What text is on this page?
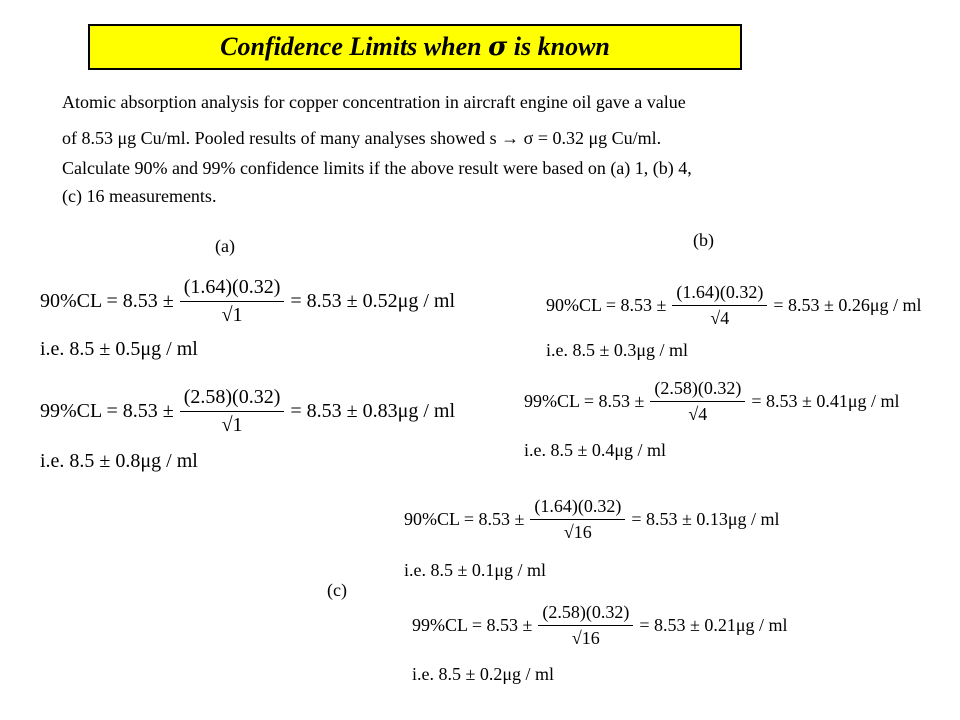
Confidence Limits when σ is known
Atomic absorption analysis for copper concentration in aircraft engine oil gave a value
of 8.53 μg Cu/ml. Pooled results of many analyses showed s → σ = 0.32 μg Cu/ml.
Calculate 90% and 99% confidence limits if the above result were based on (a) 1, (b) 4,
(c) 16 measurements.
(a)	(b)
(c)
$90\%CL = 8.53 \pm \frac{(1.64)(0.32)}{√1} = 8.53 \pm 0.52\mu g$ / ml
i.e. 8.5 ± 0.5μg / ml
$99\%CL = 8.53 \pm \frac{(2.58)(0.32)}{√1} = 8.53 \pm 0.83\mu g$ / ml
i.e. 8.5 ± 0.8μg / ml
$90\%CL = 8.53 \pm \frac{(1.64)(0.32)}{√4} = 8.53 \pm 0.26\mu g$ / ml
i.e. 8.5 ± 0.3μg / ml
$99\%CL = 8.53 \pm \frac{(2.58)(0.32)}{√4} = 8.53 \pm 0.41\mu g$ / ml
i.e. 8.5 ± 0.4μg / ml
$90\%CL = 8.53 \pm \frac{(1.64)(0.32)}{√16} = 8.53 \pm 0.13\mu g$ / ml
i.e. 8.5 ± 0.1μg / ml
$99\%CL = 8.53 \pm \frac{(2.58)(0.32)}{√16} = 8.53 \pm 0.21\mu g$ / ml
i.e. 8.5 ± 0.2μg / ml
